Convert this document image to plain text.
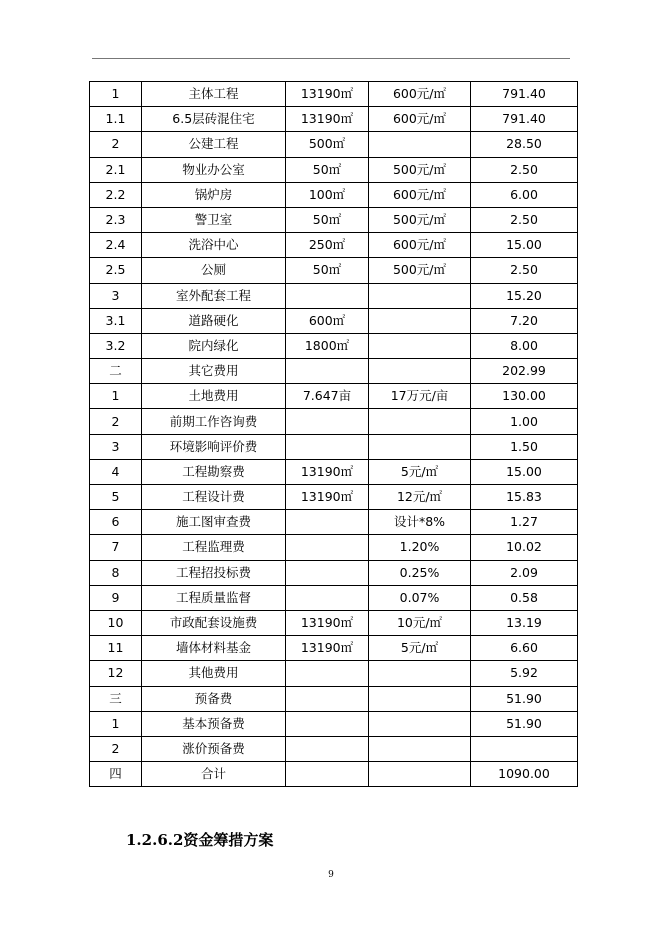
1	主体工程	13190㎡	600元/㎡	791.40
1.1	6.5层砖混住宅	13190㎡	600元/㎡	791.40
2	公建工程	500㎡		28.50
2.1	物业办公室	50㎡	500元/㎡	2.50
2.2	锅炉房	100㎡	600元/㎡	6.00
2.3	警卫室	50㎡	500元/㎡	2.50
2.4	洗浴中心	250㎡	600元/㎡	15.00
2.5	公厕	50㎡	500元/㎡	2.50
3	室外配套工程			15.20
3.1	道路硬化	600㎡		7.20
3.2	院内绿化	1800㎡		8.00
二	其它费用			202.99
1	土地费用	7.647亩	17万元/亩	130.00
2	前期工作咨询费			1.00
3	环境影响评价费			1.50
4	工程勘察费	13190㎡	5元/㎡	15.00
5	工程设计费	13190㎡	12元/㎡	15.83
6	施工图审查费		设计*8%	1.27
7	工程监理费		1.20%	10.02
8	工程招投标费		0.25%	2.09
9	工程质量监督		0.07%	0.58
10	市政配套设施费	13190㎡	10元/㎡	13.19
11	墙体材料基金	13190㎡	5元/㎡	6.60
12	其他费用			5.92
三	预备费			51.90
1	基本预备费			51.90
2	涨价预备费			
四	合计			1090.00
1.2.6.2资金筹措方案
9
